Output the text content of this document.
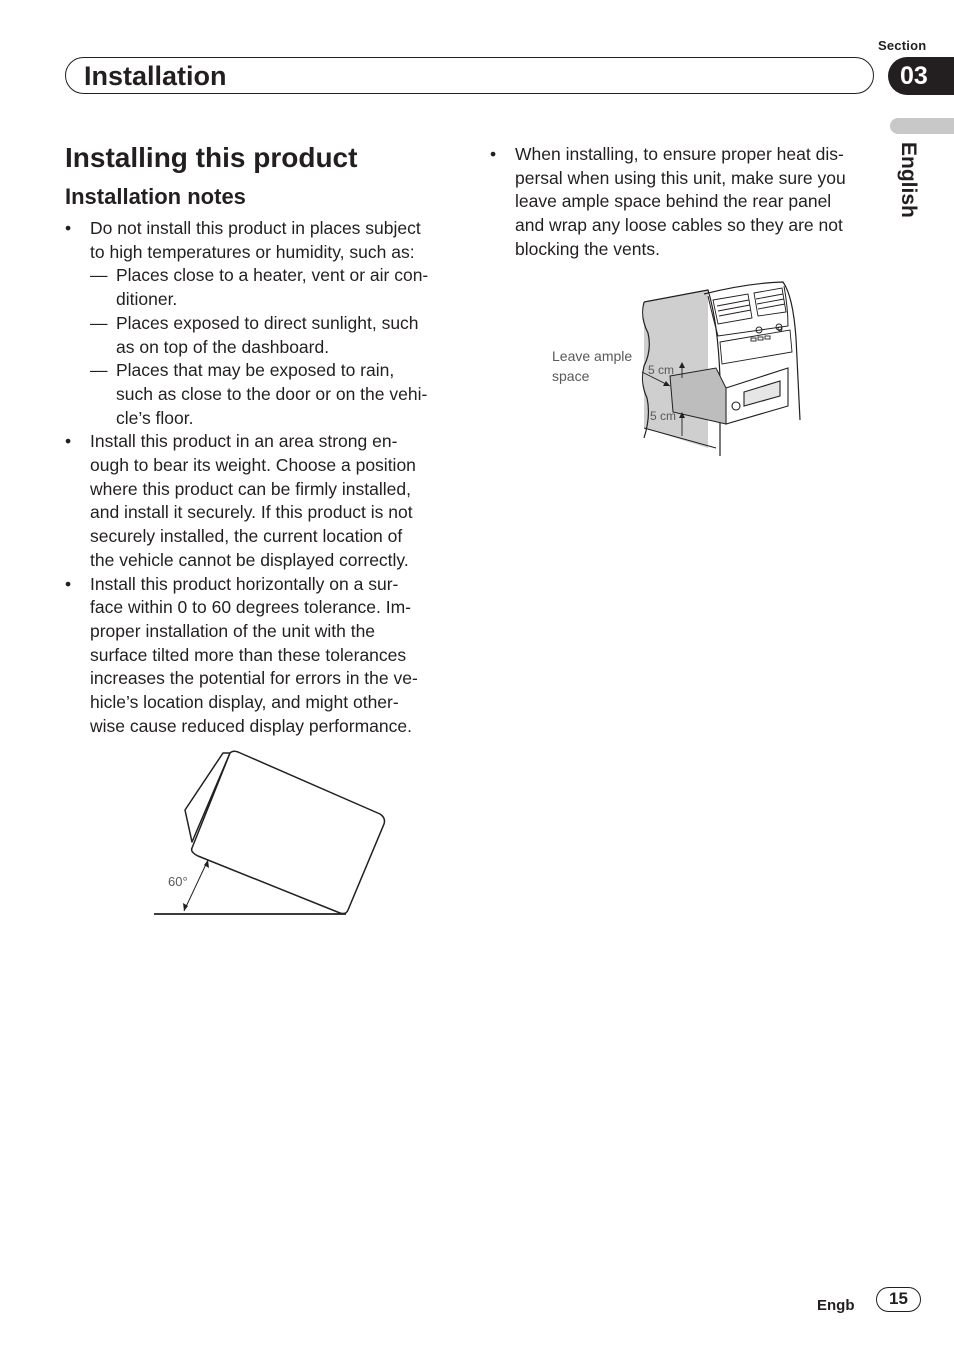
Section
Installation	03
English
Installing this product
Installation notes
• Do not install this product in places subject
to high temperatures or humidity, such as:
— Places close to a heater, vent or air con-
ditioner.
— Places exposed to direct sunlight, such
as on top of the dashboard.
— Places that may be exposed to rain,
such as close to the door or on the vehi-
cle’s floor.
• Install this product in an area strong en-
ough to bear its weight. Choose a position
where this product can be firmly installed,
and install it securely. If this product is not
securely installed, the current location of
the vehicle cannot be displayed correctly.
• Install this product horizontally on a sur-
face within 0 to 60 degrees tolerance. Im-
proper installation of the unit with the
surface tilted more than these tolerances
increases the potential for errors in the ve-
hicle’s location display, and might other-
wise cause reduced display performance.
• When installing, to ensure proper heat dis-
persal when using this unit, make sure you
leave ample space behind the rear panel
and wrap any loose cables so they are not
blocking the vents.
60°
Leave ample
space	5 cm
5 cm
Engb	15
